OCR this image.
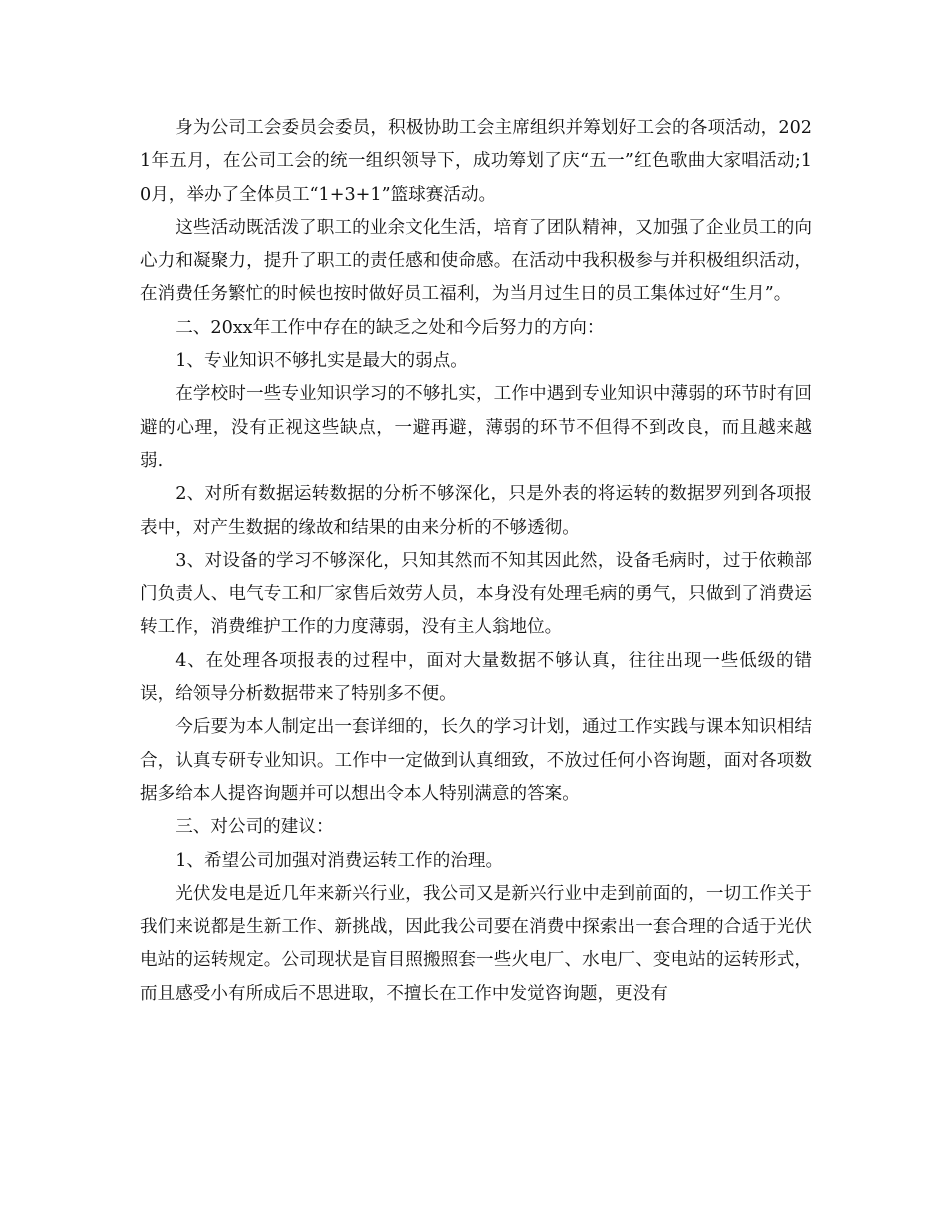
身为公司工会委员会委员，积极协助工会主席组织并筹划好工会的各项活动，2021年五月，在公司工会的统一组织领导下，成功筹划了庆“五一”红色歌曲大家唱活动;10月，举办了全体员工“1+3+1”篮球赛活动。

这些活动既活泼了职工的业余文化生活，培育了团队精神，又加强了企业员工的向心力和凝聚力，提升了职工的责任感和使命感。在活动中我积极参与并积极组织活动，在消费任务繁忙的时候也按时做好员工福利，为当月过生日的员工集体过好“生月”。

二、20xx年工作中存在的缺乏之处和今后努力的方向：

1、专业知识不够扎实是最大的弱点。

在学校时一些专业知识学习的不够扎实，工作中遇到专业知识中薄弱的环节时有回避的心理，没有正视这些缺点，一避再避，薄弱的环节不但得不到改良，而且越来越弱.

2、对所有数据运转数据的分析不够深化，只是外表的将运转的数据罗列到各项报表中，对产生数据的缘故和结果的由来分析的不够透彻。

3、对设备的学习不够深化，只知其然而不知其因此然，设备毛病时，过于依赖部门负责人、电气专工和厂家售后效劳人员，本身没有处理毛病的勇气，只做到了消费运转工作，消费维护工作的力度薄弱，没有主人翁地位。

4、在处理各项报表的过程中，面对大量数据不够认真，往往出现一些低级的错误，给领导分析数据带来了特别多不便。

今后要为本人制定出一套详细的，长久的学习计划，通过工作实践与课本知识相结合，认真专研专业知识。工作中一定做到认真细致，不放过任何小咨询题，面对各项数据多给本人提咨询题并可以想出令本人特别满意的答案。

三、对公司的建议：

1、希望公司加强对消费运转工作的治理。

光伏发电是近几年来新兴行业，我公司又是新兴行业中走到前面的，一切工作关于我们来说都是生新工作、新挑战，因此我公司要在消费中探索出一套合理的合适于光伏电站的运转规定。公司现状是盲目照搬照套一些火电厂、水电厂、变电站的运转形式，而且感受小有所成后不思进取，不擅长在工作中发觉咨询题，更没有
